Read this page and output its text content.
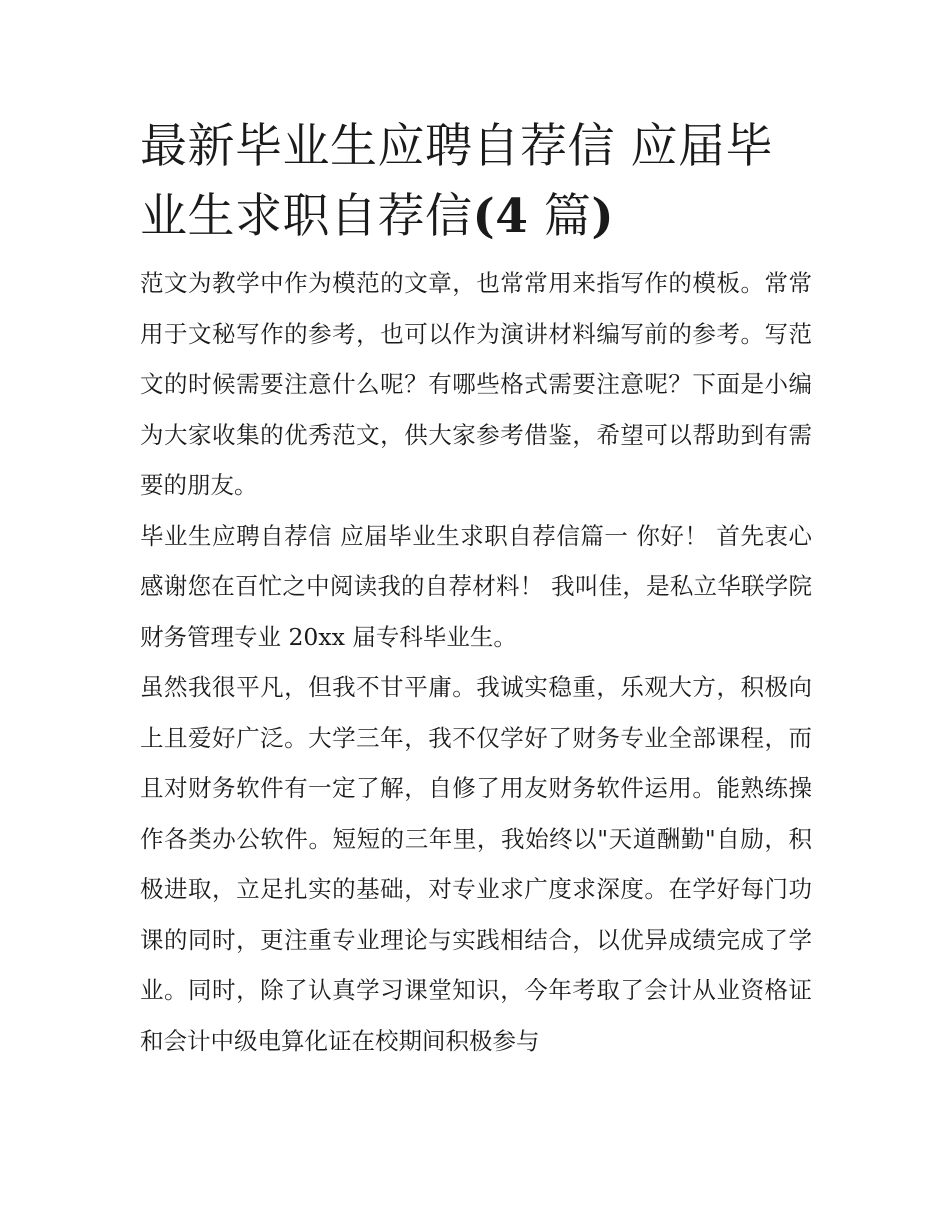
最新毕业生应聘自荐信 应届毕业生求职自荐信(4 篇)

范文为教学中作为模范的文章，也常常用来指写作的模板。常常用于文秘写作的参考，也可以作为演讲材料编写前的参考。写范文的时候需要注意什么呢？有哪些格式需要注意呢？下面是小编为大家收集的优秀范文，供大家参考借鉴，希望可以帮助到有需要的朋友。

毕业生应聘自荐信 应届毕业生求职自荐信篇一 你好！ 首先衷心感谢您在百忙之中阅读我的自荐材料！ 我叫佳，是私立华联学院财务管理专业 20xx 届专科毕业生。

虽然我很平凡，但我不甘平庸。我诚实稳重，乐观大方，积极向上且爱好广泛。大学三年，我不仅学好了财务专业全部课程，而且对财务软件有一定了解，自修了用友财务软件运用。能熟练操作各类办公软件。短短的三年里，我始终以"天道酬勤"自励，积极进取，立足扎实的基础，对专业求广度求深度。在学好每门功课的同时，更注重专业理论与实践相结合，以优异成绩完成了学业。同时，除了认真学习课堂知识，今年考取了会计从业资格证和会计中级电算化证在校期间积极参与
